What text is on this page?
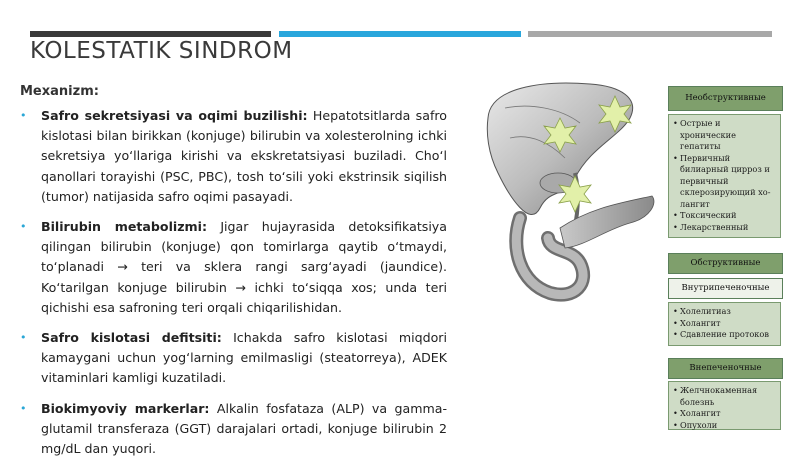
KOLESTATIK SINDROM
Mexanizm:
• Safro sekretsiyasi va oqimi buzilishi: Hepatotsitlarda safro kislotasi bilan birikkan (konjuge) bilirubin va xolesterolning ichki sekretsiya yo‘llariga kirishi va ekskretatsiyasi buziladi. Cho‘l qanollari torayishi (PSC, PBC), tosh to‘sili yoki ekstrinsik siqilish (tumor) natijasida safro oqimi pasayadi.
• Bilirubin metabolizmi: Jigar hujayrasida detoksifikatsiya qilingan bilirubin (konjuge) qon tomirlarga qaytib o‘tmaydi, to‘planadi → teri va sklera rangi sarg‘ayadi (jaundice). Ko‘tarilgan konjuge bilirubin → ichki to‘siqqa xos; unda teri qichishi esa safroning teri orqali chiqarilishidan.
• Safro kislotasi defitsiti: Ichakda safro kislotasi miqdori kamaygani uchun yog‘larning emilmasligi (steatorreya), ADEK vitaminlari kamligi kuzatiladi.
• Biokimyoviy markerlar: Alkalin fosfataza (ALP) va gamma-glutamil transferaza (GGT) darajalari ortadi, konjuge bilirubin 2 mg/dL dan yuqori.
Необструктивные
• Острые и хронические гепатиты
• Первичный билиарный цирроз и первичный склерозирующий хо-лангит
• Токсический
• Лекарственный
Обструктивные
Внутрипеченочные
• Холелитиаз
• Холангит
• Сдавление протоков
Внепеченочные
• Желчнокаменная болезнь
• Холангит
• Опухоли
